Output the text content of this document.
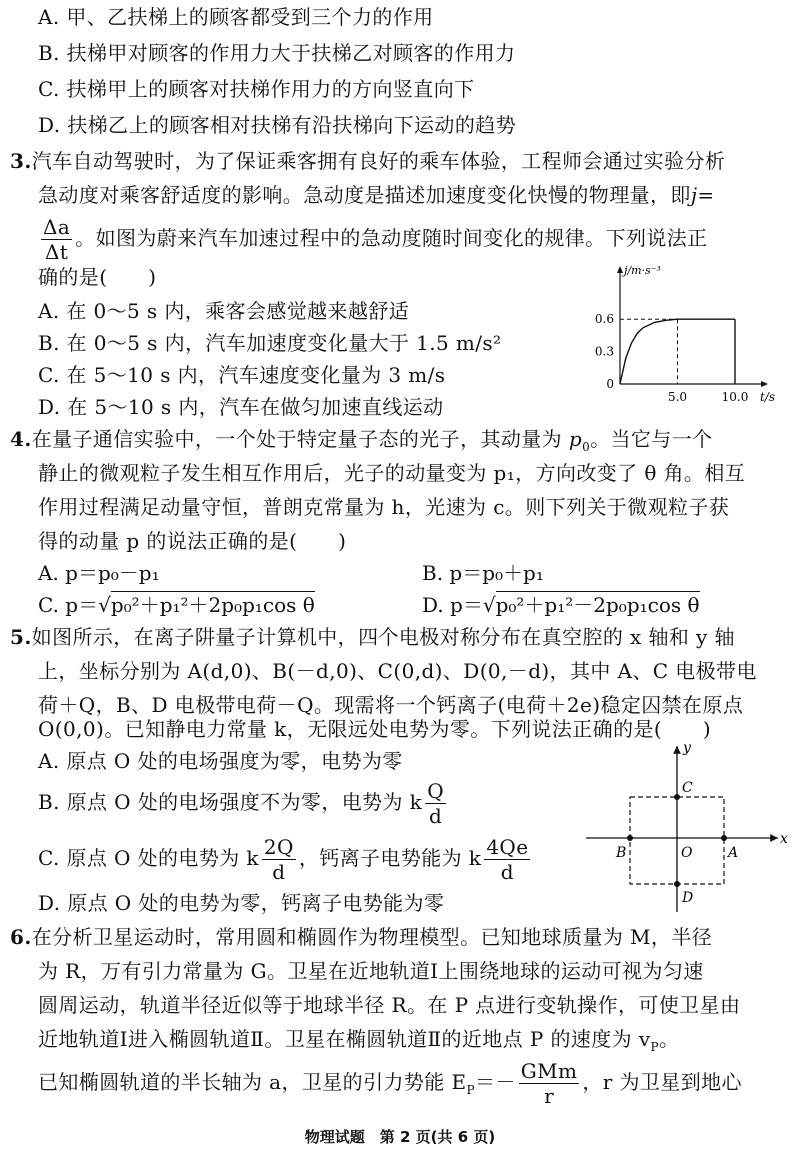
A. 甲、乙扶梯上的顾客都受到三个力的作用
B. 扶梯甲对顾客的作用力大于扶梯乙对顾客的作用力
C. 扶梯甲上的顾客对扶梯作用力的方向竖直向下
D. 扶梯乙上的顾客相对扶梯有沿扶梯向下运动的趋势
3.汽车自动驾驶时，为了保证乘客拥有良好的乘车体验，工程师会通过实验分析
急动度对乘客舒适度的影响。急动度是描述加速度变化快慢的物理量，即j=
$\frac{\Delta a}{\Delta t}$ 。如图为蔚来汽车加速过程中的急动度随时间变化的规律。下列说法正
确的是(　　)
A. 在 0～5 s 内，乘客会感觉越来越舒适
B. 在 0～5 s 内，汽车加速度变化量大于 1.5 m/s²
C. 在 5～10 s 内，汽车速度变化量为 3 m/s
D. 在 5～10 s 内，汽车在做匀加速直线运动
j/m·s⁻³
t/s
0
0.3
0.6
5.0	10.0
4.在量子通信实验中，一个处于特定量子态的光子，其动量为 $p_0$。当它与一个
静止的微观粒子发生相互作用后，光子的动量变为 p₁，方向改变了 θ 角。相互
作用过程满足动量守恒，普朗克常量为 h，光速为 c。则下列关于微观粒子获
得的动量 p 的说法正确的是(　　)
A. p＝p₀－p₁	B. p＝p₀＋p₁
C. p＝√p₀²＋p₁²＋2p₀p₁cos θ	D. p＝√p₀²＋p₁²－2p₀p₁cos θ
5.如图所示，在离子阱量子计算机中，四个电极对称分布在真空腔的 x 轴和 y 轴
上，坐标分别为 A(d,0)、B(－d,0)、C(0,d)、D(0,－d)，其中 A、C 电极带电
荷＋Q，B、D 电极带电荷－Q。现需将一个钙离子(电荷＋2e)稳定囚禁在原点
O(0,0)。已知静电力常量 k，无限远处电势为零。下列说法正确的是(　　)
A. 原点 O 处的电场强度为零，电势为零
B. 原点 O 处的电场强度不为零，电势为 k $\frac{Q}{d}$
C. 原点 O 处的电势为 k $\frac{2Q}{d}$ ，钙离子电势能为 k $\frac{4Qe}{d}$
D. 原点 O 处的电势为零，钙离子电势能为零
x
y
O	A
B
C
D
6.在分析卫星运动时，常用圆和椭圆作为物理模型。已知地球质量为 M，半径
为 R，万有引力常量为 G。卫星在近地轨道Ⅰ上围绕地球的运动可视为匀速
圆周运动，轨道半径近似等于地球半径 R。在 P 点进行变轨操作，可使卫星由
近地轨道Ⅰ进入椭圆轨道Ⅱ。卫星在椭圆轨道Ⅱ的近地点 P 的速度为 $v_P$。
已知椭圆轨道的半长轴为 a，卫星的引力势能 $E_P=- \frac{\text{GMm}}{r}$ ，r 为卫星到地心
物理试题　第 2 页(共 6 页)
